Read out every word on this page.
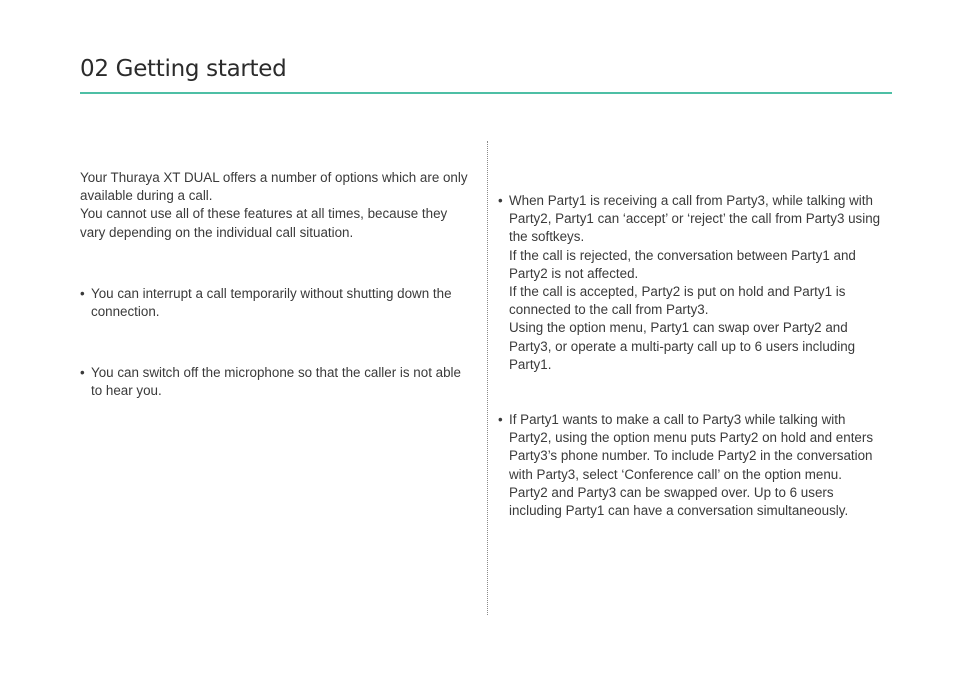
02 Getting started
Your Thuraya XT DUAL offers a number of options which are only
available during a call.
You cannot use all of these features at all times, because they
vary depending on the individual call situation.
• You can interrupt a call temporarily without shutting down the
connection.
• You can switch off the microphone so that the caller is not able
to hear you.
• When Party1 is receiving a call from Party3, while talking with
Party2, Party1 can ‘accept’ or ‘reject’ the call from Party3 using
the softkeys.
If the call is rejected, the conversation between Party1 and
Party2 is not affected.
If the call is accepted, Party2 is put on hold and Party1 is
connected to the call from Party3.
Using the option menu, Party1 can swap over Party2 and
Party3, or operate a multi-party call up to 6 users including
Party1.
• If Party1 wants to make a call to Party3 while talking with
Party2, using the option menu puts Party2 on hold and enters
Party3’s phone number. To include Party2 in the conversation
with Party3, select ‘Conference call’ on the option menu.
Party2 and Party3 can be swapped over. Up to 6 users
including Party1 can have a conversation simultaneously.
